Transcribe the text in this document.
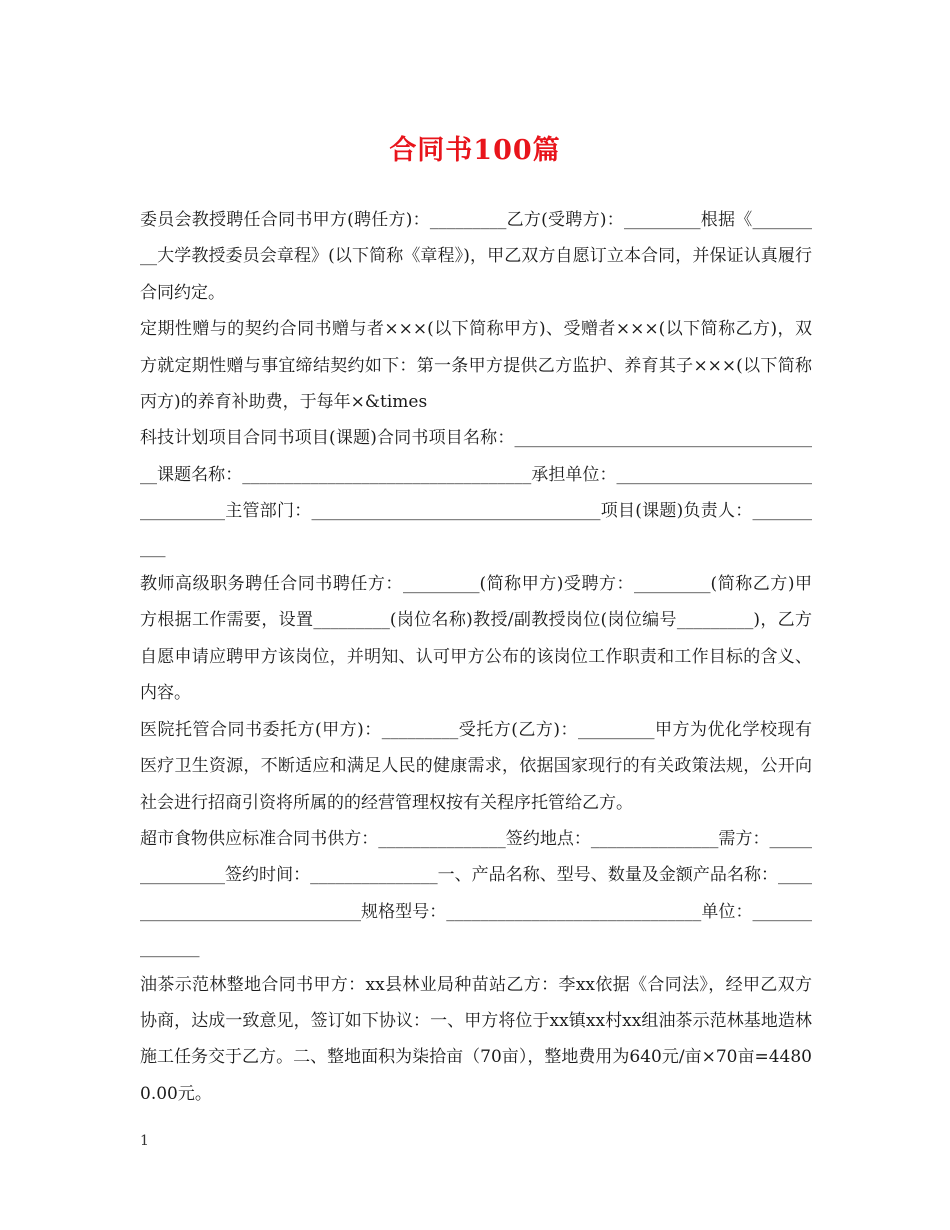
合同书100篇

委员会教授聘任合同书甲方(聘任方)：_________乙方(受聘方)：_________根据《_________大学教授委员会章程》(以下简称《章程》)，甲乙双方自愿订立本合同，并保证认真履行合同约定。

定期性赠与的契约合同书赠与者×××(以下简称甲方)、受赠者×××(以下简称乙方)，双方就定期性赠与事宜缔结契约如下：第一条甲方提供乙方监护、养育其子×××(以下简称丙方)的养育补助费，于每年×&times

科技计划项目合同书项目(课题)合同书项目名称：_____________________________________课题名称：__________________________________承担单位：_________________________________主管部门：__________________________________项目(课题)负责人：__________

教师高级职务聘任合同书聘任方：_________(简称甲方)受聘方：_________(简称乙方)甲方根据工作需要，设置_________(岗位名称)教授/副教授岗位(岗位编号_________)，乙方自愿申请应聘甲方该岗位，并明知、认可甲方公布的该岗位工作职责和工作目标的含义、内容。

医院托管合同书委托方(甲方)：_________受托方(乙方)：_________甲方为优化学校现有医疗卫生资源，不断适应和满足人民的健康需求，依据国家现行的有关政策法规，公开向社会进行招商引资将所属的的经营管理权按有关程序托管给乙方。

超市食物供应标准合同书供方：_______________签约地点：_______________需方：_______________签约时间：_______________一、产品名称、型号、数量及金额产品名称：______________________________规格型号：______________________________单位：______________

油茶示范林整地合同书甲方：xx县林业局种苗站乙方：李xx依据《合同法》，经甲乙双方协商，达成一致意见，签订如下协议：一、甲方将位于xx镇xx村xx组油茶示范林基地造林施工任务交于乙方。二、整地面积为柒拾亩（70亩），整地费用为640元/亩×70亩=44800.00元。

1
